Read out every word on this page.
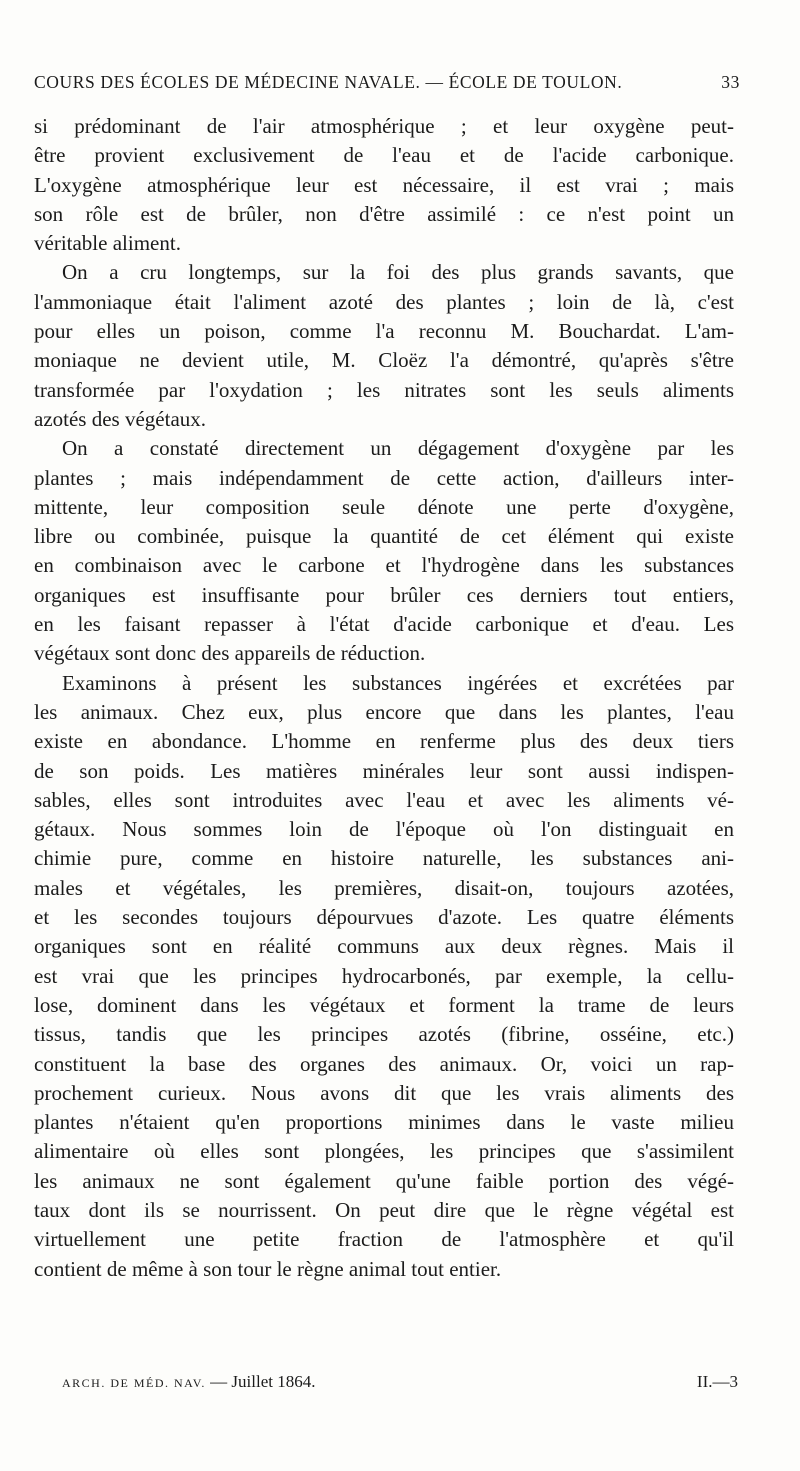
COURS DES ÉCOLES DE MÉDECINE NAVALE. — ÉCOLE DE TOULON.	33
si prédominant de l'air atmosphérique ; et leur oxygène peut-
être provient exclusivement de l'eau et de l'acide carbonique.
L'oxygène atmosphérique leur est nécessaire, il est vrai ; mais
son rôle est de brûler, non d'être assimilé : ce n'est point un
véritable aliment.
On a cru longtemps, sur la foi des plus grands savants, que
l'ammoniaque était l'aliment azoté des plantes ; loin de là, c'est
pour elles un poison, comme l'a reconnu M. Bouchardat. L'am-
moniaque ne devient utile, M. Cloëz l'a démontré, qu'après s'être
transformée par l'oxydation ; les nitrates sont les seuls aliments
azotés des végétaux.
On a constaté directement un dégagement d'oxygène par les
plantes ; mais indépendamment de cette action, d'ailleurs inter-
mittente, leur composition seule dénote une perte d'oxygène,
libre ou combinée, puisque la quantité de cet élément qui existe
en combinaison avec le carbone et l'hydrogène dans les substances
organiques est insuffisante pour brûler ces derniers tout entiers,
en les faisant repasser à l'état d'acide carbonique et d'eau. Les
végétaux sont donc des appareils de réduction.
Examinons à présent les substances ingérées et excrétées par
les animaux. Chez eux, plus encore que dans les plantes, l'eau
existe en abondance. L'homme en renferme plus des deux tiers
de son poids. Les matières minérales leur sont aussi indispen-
sables, elles sont introduites avec l'eau et avec les aliments vé-
gétaux. Nous sommes loin de l'époque où l'on distinguait en
chimie pure, comme en histoire naturelle, les substances ani-
males et végétales, les premières, disait-on, toujours azotées,
et les secondes toujours dépourvues d'azote. Les quatre éléments
organiques sont en réalité communs aux deux règnes. Mais il
est vrai que les principes hydrocarbonés, par exemple, la cellu-
lose, dominent dans les végétaux et forment la trame de leurs
tissus, tandis que les principes azotés (fibrine, osséine, etc.)
constituent la base des organes des animaux. Or, voici un rap-
prochement curieux. Nous avons dit que les vrais aliments des
plantes n'étaient qu'en proportions minimes dans le vaste milieu
alimentaire où elles sont plongées, les principes que s'assimilent
les animaux ne sont également qu'une faible portion des végé-
taux dont ils se nourrissent. On peut dire que le règne végétal est
virtuellement une petite fraction de l'atmosphère et qu'il
contient de même à son tour le règne animal tout entier.
ARCH. DE MÉD. NAV. — Juillet 1864.	II.—3
